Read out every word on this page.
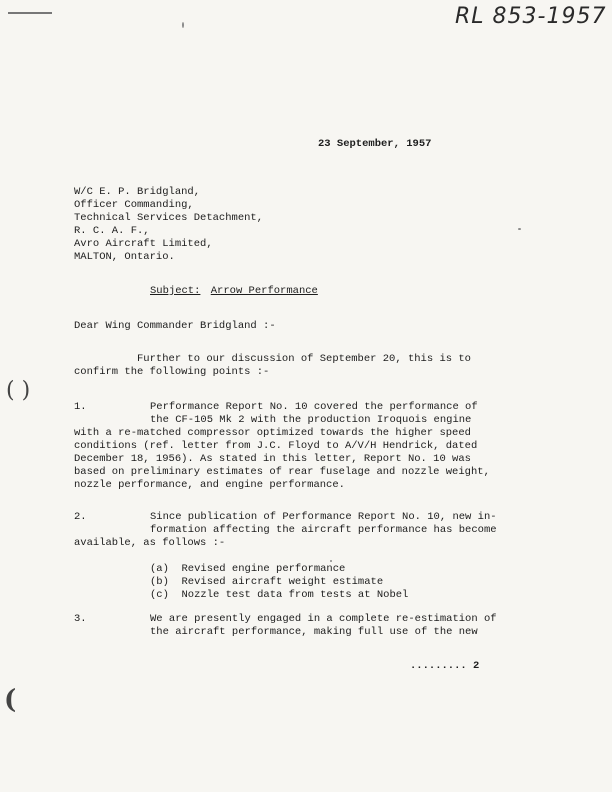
( )
(
RL 853-1957
23 September, 1957
W/C E. P. Bridgland,
Officer Commanding,
Technical Services Detachment,
R. C. A. F.,
Avro Aircraft Limited,
MALTON, Ontario.
Subject: Arrow Performance
Dear Wing Commander Bridgland :-
Further to our discussion of September 20, this is to
confirm the following points :-
1.	Performance Report No. 10 covered the performance of
the CF-105 Mk 2 with the production Iroquois engine
with a re-matched compressor optimized towards the higher speed
conditions (ref. letter from J.C. Floyd to A/V/H Hendrick, dated
December 18, 1956). As stated in this letter, Report No. 10 was
based on preliminary estimates of rear fuselage and nozzle weight,
nozzle performance, and engine performance.
2.	Since publication of Performance Report No. 10, new in-
formation affecting the aircraft performance has become
available, as follows :-
(a)  Revised engine performance
(b)  Revised aircraft weight estimate
(c)  Nozzle test data from tests at Nobel
3.	We are presently engaged in a complete re-estimation of
the aircraft performance, making full use of the new
......... 2
